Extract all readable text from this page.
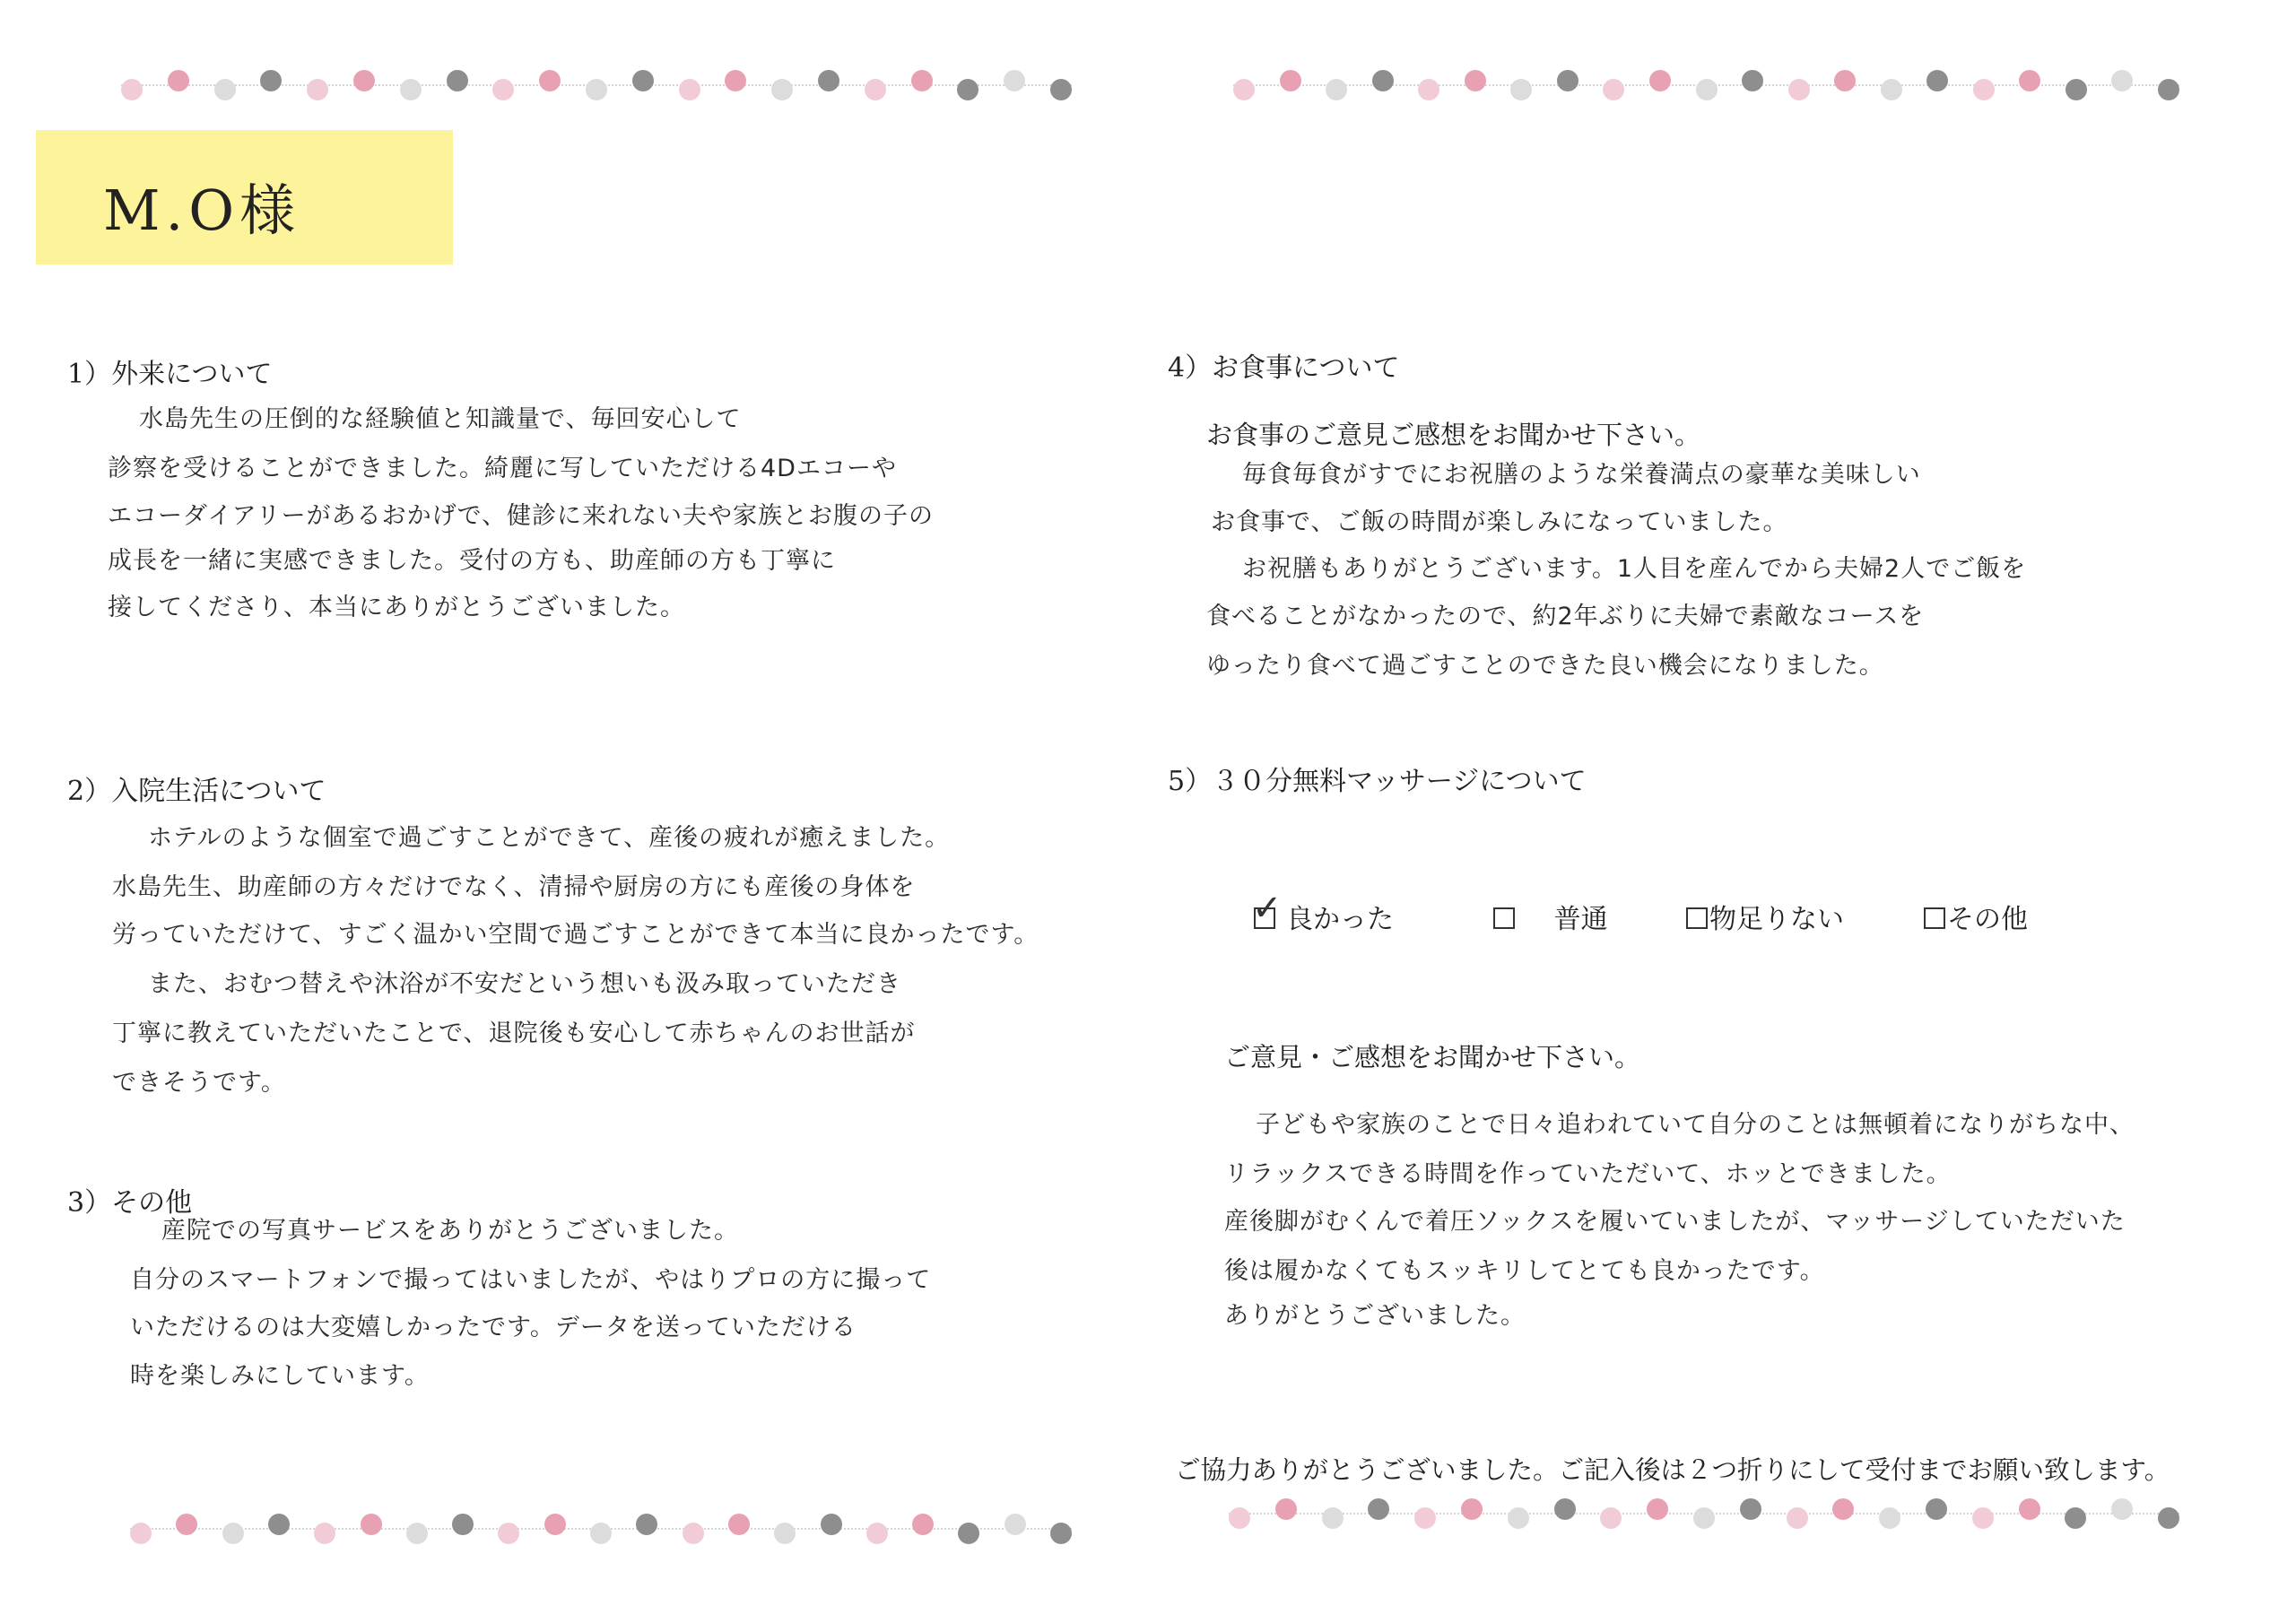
M.O様
1）外来について
水島先生の圧倒的な経験値と知識量で、毎回安心して
診察を受けることができました。綺麗に写していただける4Dエコーや
エコーダイアリーがあるおかげで、健診に来れない夫や家族とお腹の子の
成長を一緒に実感できました。受付の方も、助産師の方も丁寧に
接してくださり、本当にありがとうございました。
2）入院生活について
ホテルのような個室で過ごすことができて、産後の疲れが癒えました。
水島先生、助産師の方々だけでなく、清掃や厨房の方にも産後の身体を
労っていただけて、すごく温かい空間で過ごすことができて本当に良かったです。
また、おむつ替えや沐浴が不安だという想いも汲み取っていただき
丁寧に教えていただいたことで、退院後も安心して赤ちゃんのお世話が
できそうです。
3）その他
産院での写真サービスをありがとうございました。
自分のスマートフォンで撮ってはいましたが、やはりプロの方に撮って
いただけるのは大変嬉しかったです。データを送っていただける
時を楽しみにしています。
4）お食事について
お食事のご意見ご感想をお聞かせ下さい。
毎食毎食がすでにお祝膳のような栄養満点の豪華な美味しい
お食事で、ご飯の時間が楽しみになっていました。
お祝膳もありがとうございます。1人目を産んでから夫婦2人でご飯を
食べることがなかったので、約2年ぶりに夫婦で素敵なコースを
ゆったり食べて過ごすことのできた良い機会になりました。
5）３０分無料マッサージについて
✓ 良かった	普通	物足りない	その他
ご意見・ご感想をお聞かせ下さい。
子どもや家族のことで日々追われていて自分のことは無頓着になりがちな中、
リラックスできる時間を作っていただいて、ホッとできました。
産後脚がむくんで着圧ソックスを履いていましたが、マッサージしていただいた
後は履かなくてもスッキリしてとても良かったです。
ありがとうございました。
ご協力ありがとうございました。ご記入後は２つ折りにして受付までお願い致します。
